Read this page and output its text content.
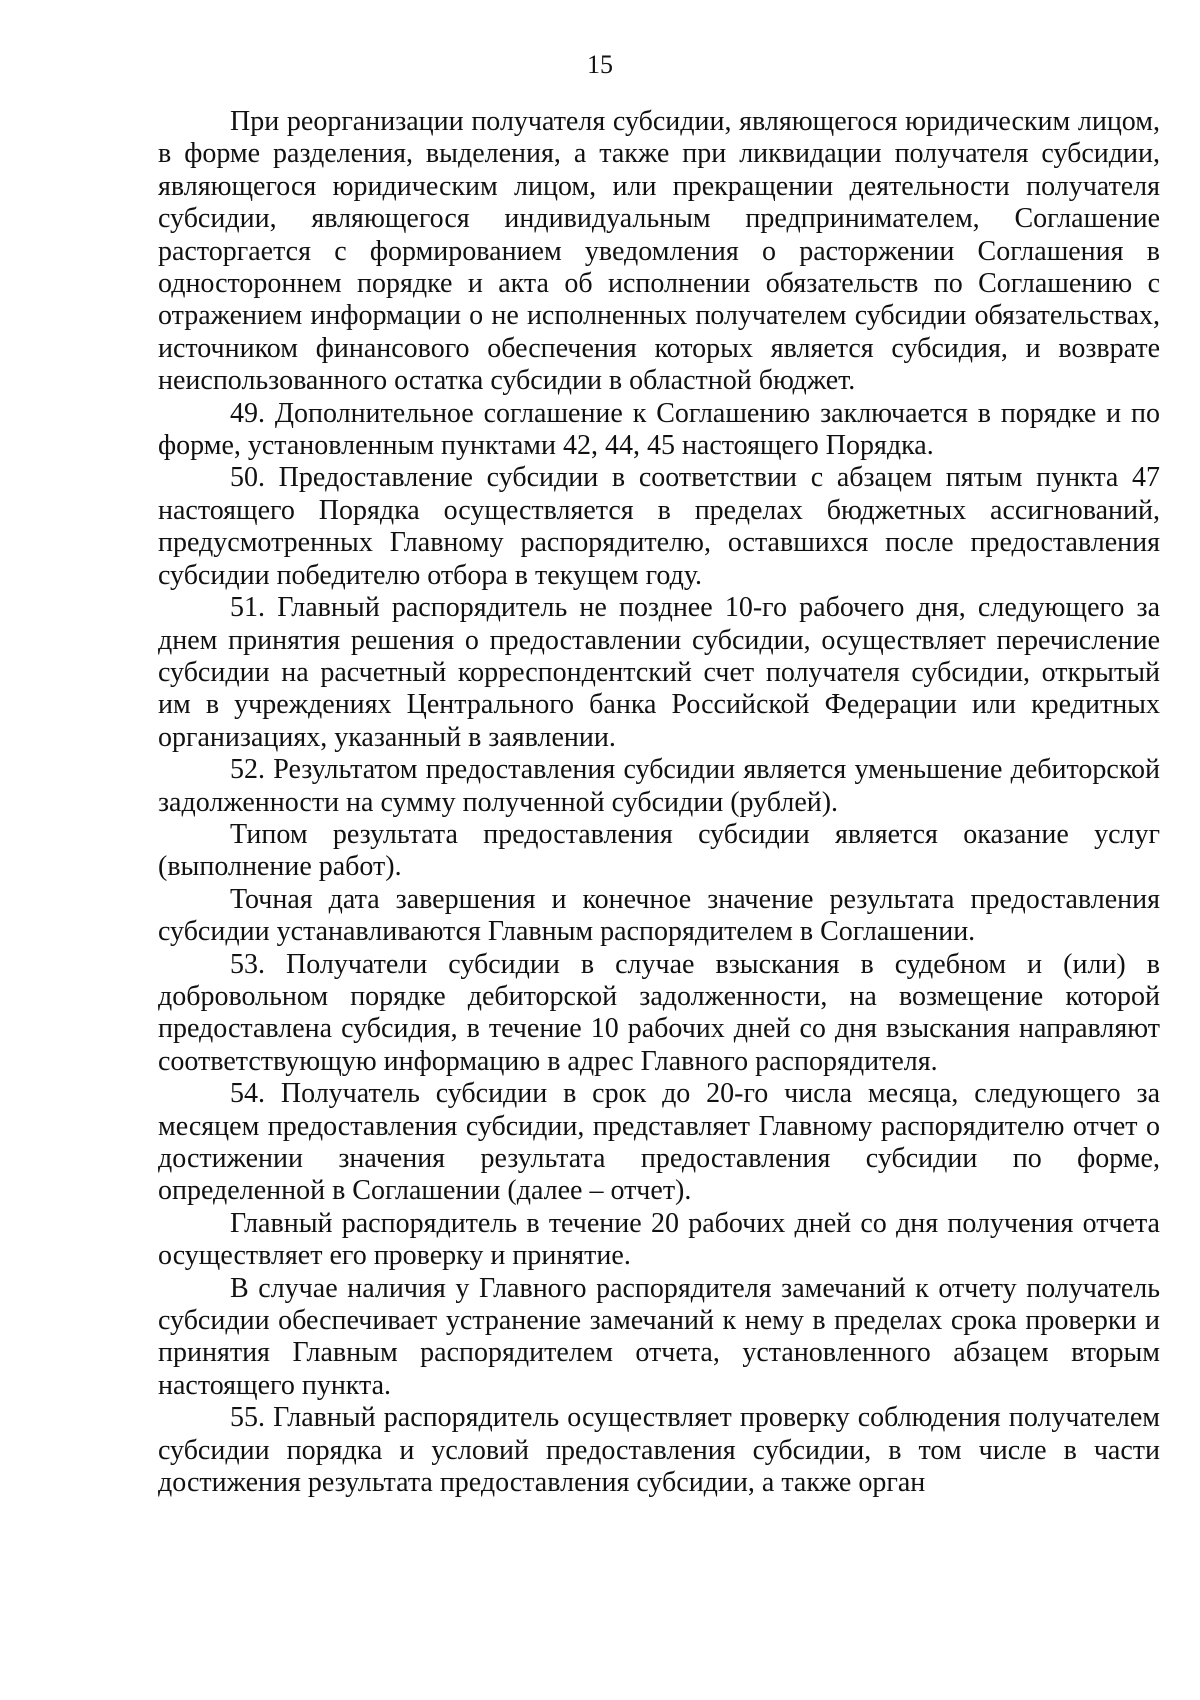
15

При реорганизации получателя субсидии, являющегося юридическим лицом, в форме разделения, выделения, а также при ликвидации получателя субсидии, являющегося юридическим лицом, или прекращении деятельности получателя субсидии, являющегося индивидуальным предпринимателем, Соглашение расторгается с формированием уведомления о расторжении Соглашения в одностороннем порядке и акта об исполнении обязательств по Соглашению с отражением информации о не исполненных получателем субсидии обязательствах, источником финансового обеспечения которых является субсидия, и возврате неиспользованного остатка субсидии в областной бюджет.

49. Дополнительное соглашение к Соглашению заключается в порядке и по форме, установленным пунктами 42, 44, 45 настоящего Порядка.

50. Предоставление субсидии в соответствии с абзацем пятым пункта 47 настоящего Порядка осуществляется в пределах бюджетных ассигнований, предусмотренных Главному распорядителю, оставшихся после предоставления субсидии победителю отбора в текущем году.

51. Главный распорядитель не позднее 10-го рабочего дня, следующего за днем принятия решения о предоставлении субсидии, осуществляет перечисление субсидии на расчетный корреспондентский счет получателя субсидии, открытый им в учреждениях Центрального банка Российской Федерации или кредитных организациях, указанный в заявлении.

52. Результатом предоставления субсидии является уменьшение дебиторской задолженности на сумму полученной субсидии (рублей).

Типом результата предоставления субсидии является оказание услуг (выполнение работ).

Точная дата завершения и конечное значение результата предоставления субсидии устанавливаются Главным распорядителем в Соглашении.

53. Получатели субсидии в случае взыскания в судебном и (или) в добровольном порядке дебиторской задолженности, на возмещение которой предоставлена субсидия, в течение 10 рабочих дней со дня взыскания направляют соответствующую информацию в адрес Главного распорядителя.

54. Получатель субсидии в срок до 20-го числа месяца, следующего за месяцем предоставления субсидии, представляет Главному распорядителю отчет о достижении значения результата предоставления субсидии по форме, определенной в Соглашении (далее – отчет).

Главный распорядитель в течение 20 рабочих дней со дня получения отчета осуществляет его проверку и принятие.

В случае наличия у Главного распорядителя замечаний к отчету получатель субсидии обеспечивает устранение замечаний к нему в пределах срока проверки и принятия Главным распорядителем отчета, установленного абзацем вторым настоящего пункта.

55. Главный распорядитель осуществляет проверку соблюдения получателем субсидии порядка и условий предоставления субсидии, в том числе в части достижения результата предоставления субсидии, а также орган
